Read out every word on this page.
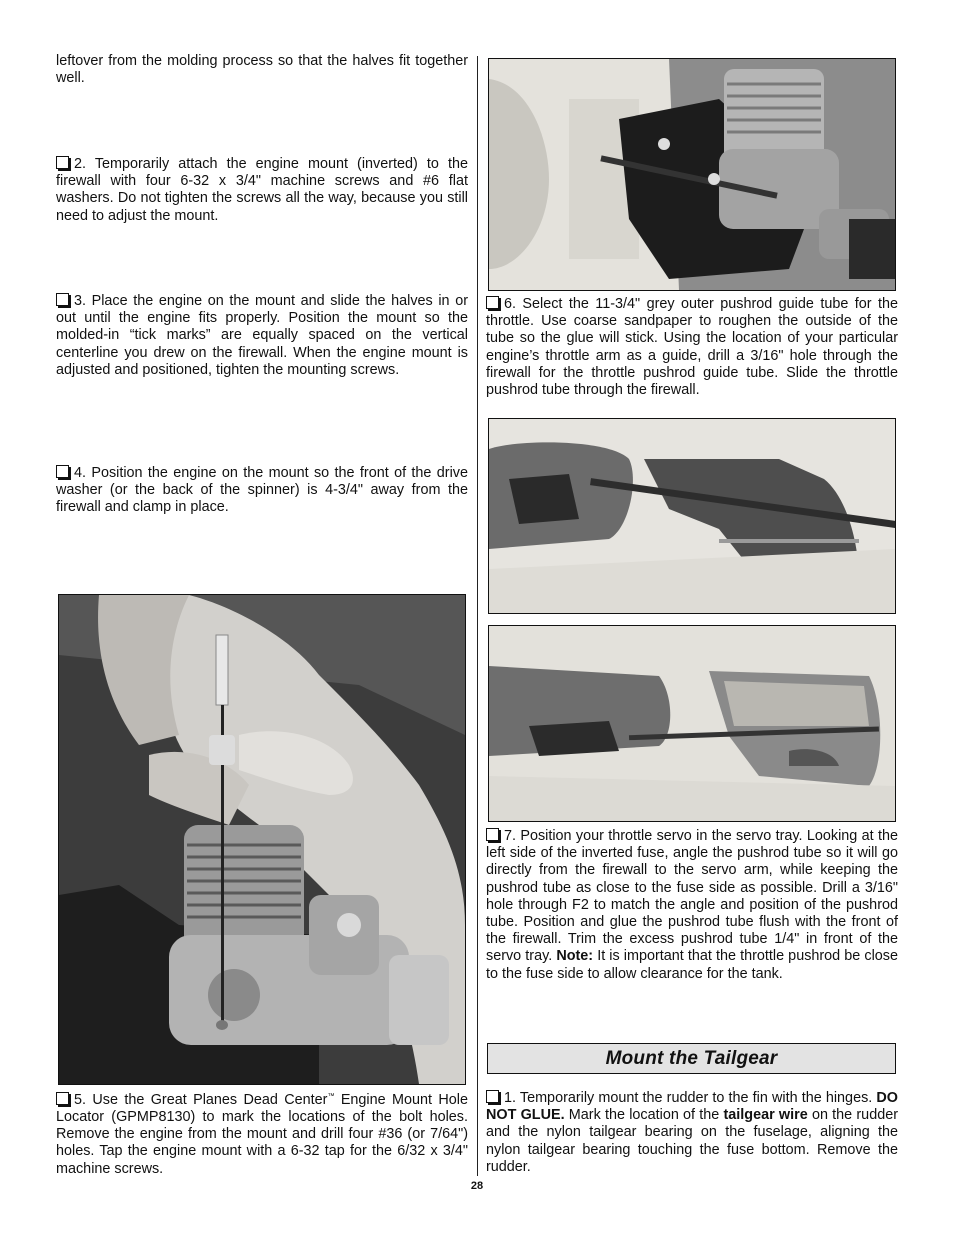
leftover from the molding process so that the halves fit together well.

2. Temporarily attach the engine mount (inverted) to the firewall with four 6-32 x 3/4" machine screws and #6 flat washers. Do not tighten the screws all the way, because you still need to adjust the mount.

3. Place the engine on the mount and slide the halves in or out until the engine fits properly. Position the mount so the molded-in “tick marks” are equally spaced on the vertical centerline you drew on the firewall. When the engine mount is adjusted and positioned, tighten the mounting screws.

4. Position the engine on the mount so the front of the drive washer (or the back of the spinner) is 4-3/4" away from the firewall and clamp in place.

5. Use the Great Planes Dead Center™ Engine Mount Hole Locator (GPMP8130) to mark the locations of the bolt holes. Remove the engine from the mount and drill four #36 (or 7/64") holes. Tap the engine mount with a 6-32 tap for the 6/32 x 3/4" machine screws.

6. Select the 11-3/4" grey outer pushrod guide tube for the throttle. Use coarse sandpaper to roughen the outside of the tube so the glue will stick. Using the location of your particular engine’s throttle arm as a guide, drill a 3/16" hole through the firewall for the throttle pushrod guide tube. Slide the throttle pushrod tube through the firewall.

7. Position your throttle servo in the servo tray. Looking at the left side of the inverted fuse, angle the pushrod tube so it will go directly from the firewall to the servo arm, while keeping the pushrod tube as close to the fuse side as possible. Drill a 3/16" hole through F2 to match the angle and position of the pushrod tube. Position and glue the pushrod tube flush with the front of the firewall. Trim the excess pushrod tube 1/4" in front of the servo tray. Note: It is important that the throttle pushrod be close to the fuse side to allow clearance for the tank.

Mount the Tailgear

1. Temporarily mount the rudder to the fin with the hinges. DO NOT GLUE. Mark the location of the tailgear wire on the rudder and the nylon tailgear bearing on the fuselage, aligning the nylon tailgear bearing touching the fuse bottom. Remove the rudder.

28
